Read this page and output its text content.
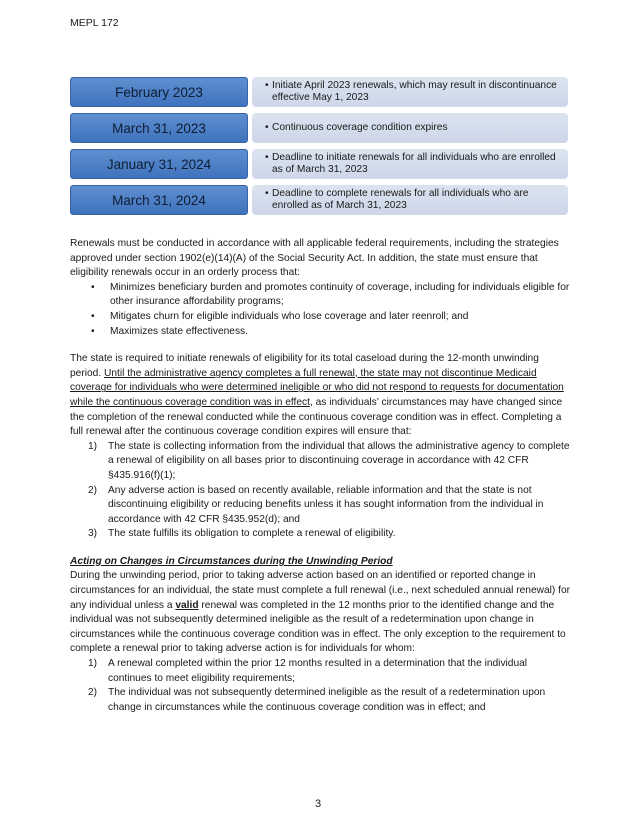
MEPL 172
February 2023	• Initiate April 2023 renewals, which may result in discontinuance effective May 1, 2023
March 31, 2023	• Continuous coverage condition expires
January 31, 2024	• Deadline to initiate renewals for all individuals who are enrolled as of March 31, 2023
March 31, 2024	• Deadline to complete renewals for all individuals who are enrolled as of March 31, 2023

Renewals must be conducted in accordance with all applicable federal requirements, including the strategies approved under section 1902(e)(14)(A) of the Social Security Act. In addition, the state must ensure that eligibility renewals occur in an orderly process that:

• Minimizes beneficiary burden and promotes continuity of coverage, including for individuals eligible for other insurance affordability programs;
• Mitigates churn for eligible individuals who lose coverage and later reenroll; and
• Maximizes state effectiveness.

The state is required to initiate renewals of eligibility for its total caseload during the 12-month unwinding period. Until the administrative agency completes a full renewal, the state may not discontinue Medicaid coverage for individuals who were determined ineligible or who did not respond to requests for documentation while the continuous coverage condition was in effect, as individuals’ circumstances may have changed since the completion of the renewal conducted while the continuous coverage condition was in effect. Completing a full renewal after the continuous coverage condition expires will ensure that:

1) The state is collecting information from the individual that allows the administrative agency to complete a renewal of eligibility on all bases prior to discontinuing coverage in accordance with 42 CFR §435.916(f)(1);
2) Any adverse action is based on recently available, reliable information and that the state is not discontinuing eligibility or reducing benefits unless it has sought information from the individual in accordance with 42 CFR §435.952(d); and
3) The state fulfills its obligation to complete a renewal of eligibility.

Acting on Changes in Circumstances during the Unwinding Period

During the unwinding period, prior to taking adverse action based on an identified or reported change in circumstances for an individual, the state must complete a full renewal (i.e., next scheduled annual renewal) for any individual unless a valid renewal was completed in the 12 months prior to the identified change and the individual was not subsequently determined ineligible as the result of a redetermination upon change in circumstances while the continuous coverage condition was in effect. The only exception to the requirement to complete a renewal prior to taking adverse action is for individuals for whom:

1) A renewal completed within the prior 12 months resulted in a determination that the individual continues to meet eligibility requirements;
2) The individual was not subsequently determined ineligible as the result of a redetermination upon change in circumstances while the continuous coverage condition was in effect; and
3
